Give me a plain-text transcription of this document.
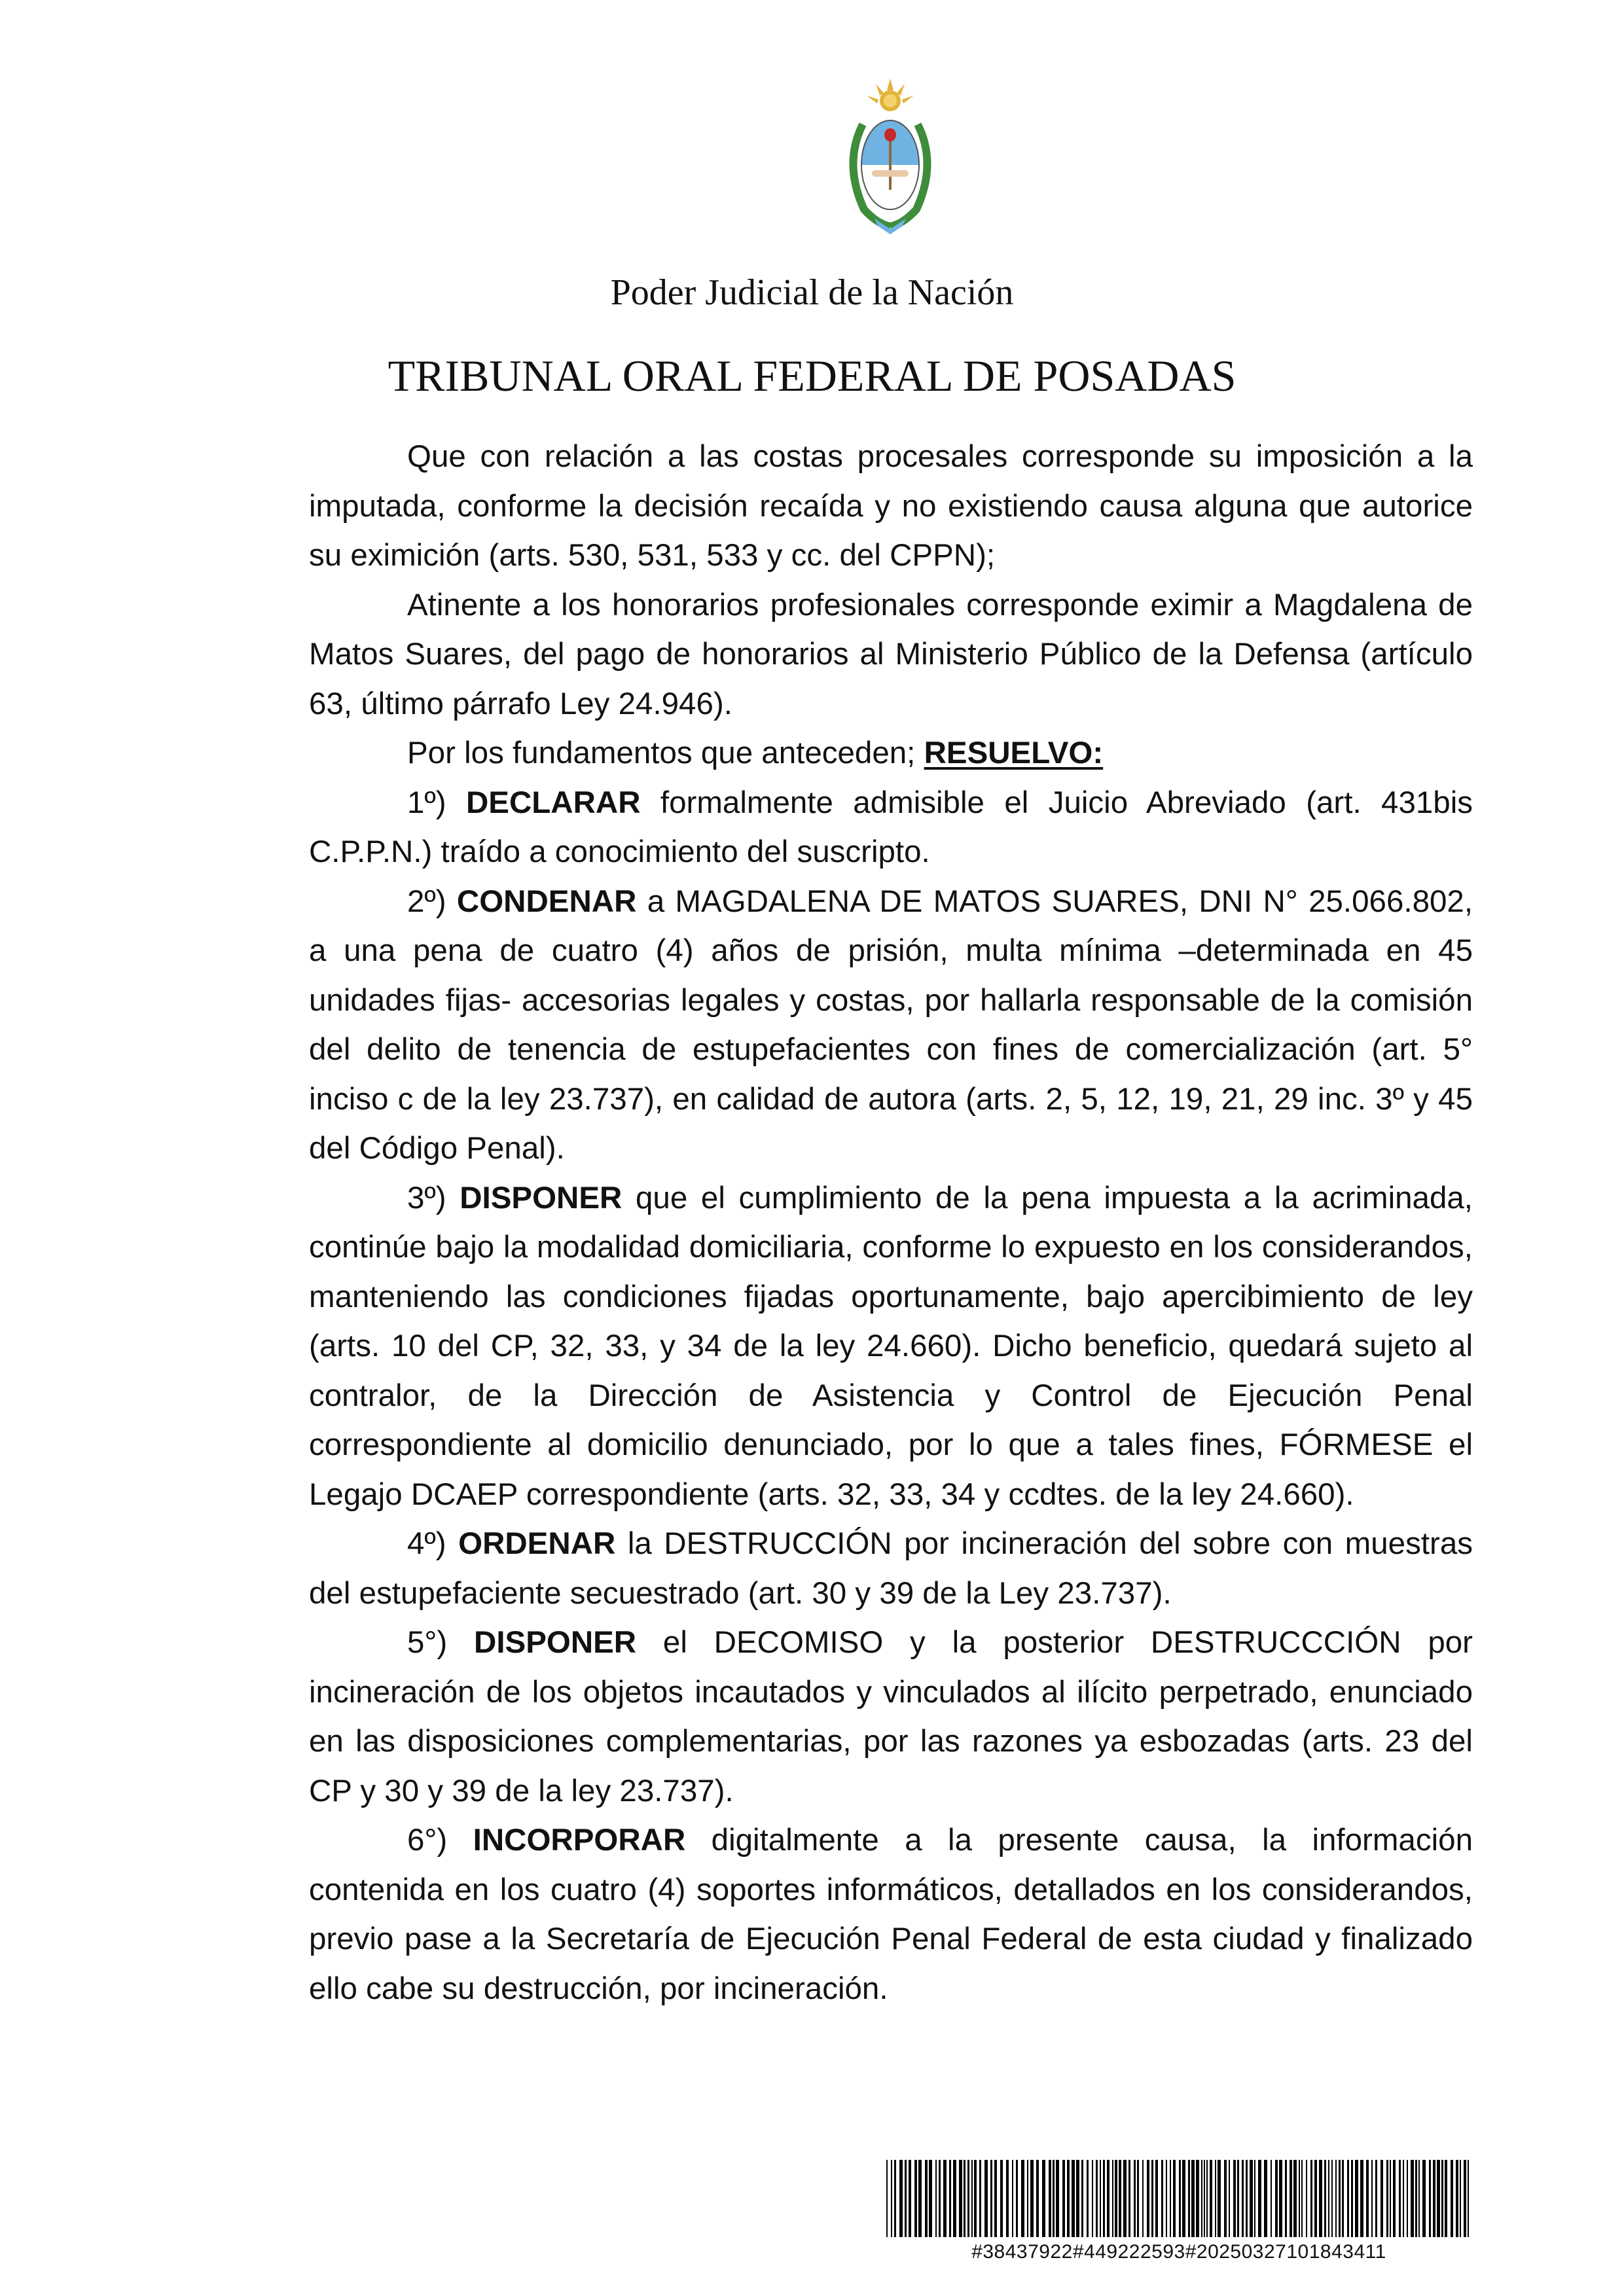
Poder Judicial de la Nación
TRIBUNAL ORAL FEDERAL DE POSADAS

Que con relación a las costas procesales corresponde su imposición a la imputada, conforme la decisión recaída y no existiendo causa alguna que autorice su eximición (arts. 530, 531, 533 y cc. del CPPN);

Atinente a los honorarios profesionales corresponde eximir a Magdalena de Matos Suares, del pago de honorarios al Ministerio Público de la Defensa (artículo 63, último párrafo Ley 24.946).

Por los fundamentos que anteceden; RESUELVO:

1º) DECLARAR formalmente admisible el Juicio Abreviado (art. 431bis C.P.P.N.) traído a conocimiento del suscripto.

2º) CONDENAR a MAGDALENA DE MATOS SUARES, DNI N° 25.066.802, a una pena de cuatro (4) años de prisión, multa mínima –determinada en 45 unidades fijas- accesorias legales y costas, por hallarla responsable de la comisión del delito de tenencia de estupefacientes con fines de comercialización (art. 5° inciso c de la ley 23.737), en calidad de autora (arts. 2, 5, 12, 19, 21, 29 inc. 3º y 45 del Código Penal).

3º) DISPONER que el cumplimiento de la pena impuesta a la acriminada, continúe bajo la modalidad domiciliaria, conforme lo expuesto en los considerandos, manteniendo las condiciones fijadas oportunamente, bajo apercibimiento de ley (arts. 10 del CP, 32, 33, y 34 de la ley 24.660). Dicho beneficio, quedará sujeto al contralor, de la Dirección de Asistencia y Control de Ejecución Penal correspondiente al domicilio denunciado, por lo que a tales fines, FÓRMESE el Legajo DCAEP correspondiente (arts. 32, 33, 34 y ccdtes. de la ley 24.660).

4º) ORDENAR la DESTRUCCIÓN por incineración del sobre con muestras del estupefaciente secuestrado (art. 30 y 39 de la Ley 23.737).

5°) DISPONER el DECOMISO y la posterior DESTRUCCCIÓN por incineración de los objetos incautados y vinculados al ilícito perpetrado, enunciado en las disposiciones complementarias, por las razones ya esbozadas (arts. 23 del CP y 30 y 39 de la ley 23.737).

6°) INCORPORAR digitalmente a la presente causa, la información contenida en los cuatro (4) soportes informáticos, detallados en los considerandos, previo pase a la Secretaría de Ejecución Penal Federal de esta ciudad y finalizado ello cabe su destrucción, por incineración.

#38437922#449222593#20250327101843411
